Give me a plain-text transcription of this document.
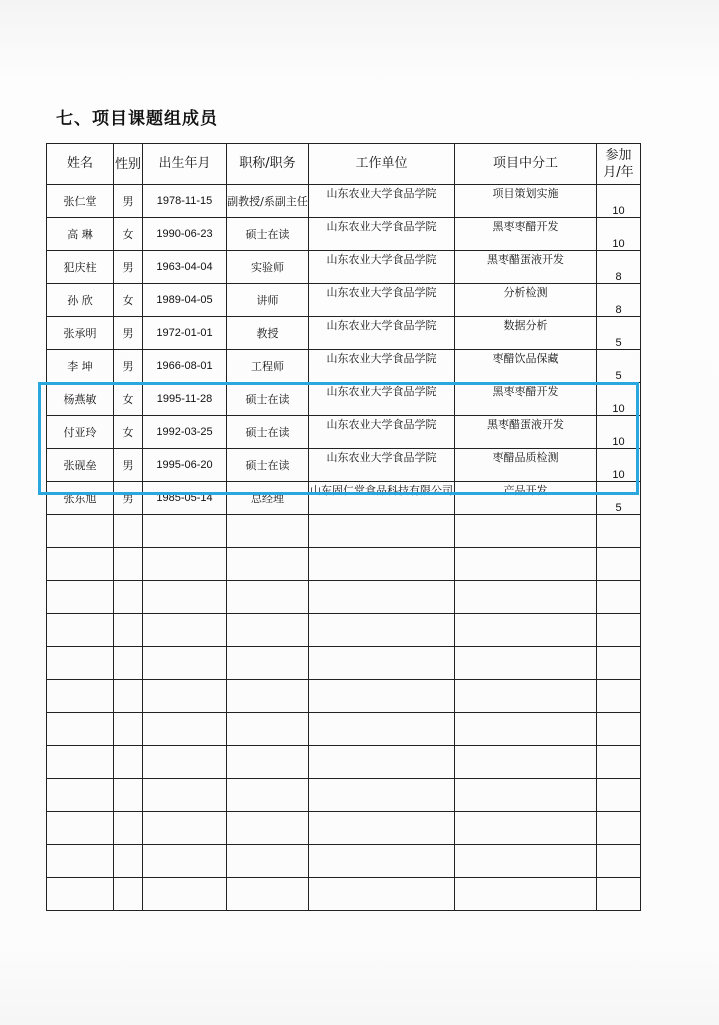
七、项目课题组成员
姓名	性别	出生年月	职称/职务	工作单位	项目中分工	参加月/年
张仁堂	男	1978-11-15	副教授/系副主任	山东农业大学食品学院	项目策划实施	10
高 琳	女	1990-06-23	硕士在读	山东农业大学食品学院	黑枣枣醋开发	10
犯庆柱	男	1963-04-04	实验师	山东农业大学食品学院	黑枣醋蛋液开发	8
孙 欣	女	1989-04-05	讲师	山东农业大学食品学院	分析检测	8
张承明	男	1972-01-01	教授	山东农业大学食品学院	数据分析	5
李 坤	男	1966-08-01	工程师	山东农业大学食品学院	枣醋饮品保藏	5
杨燕敏	女	1995-11-28	硕士在读	山东农业大学食品学院	黑枣枣醋开发	10
付亚玲	女	1992-03-25	硕士在读	山东农业大学食品学院	黑枣醋蛋液开发	10
张砚垒	男	1995-06-20	硕士在读	山东农业大学食品学院	枣醋品质检测	10
张东旭	男	1985-05-14	总经理	山东固仁堂食品科技有限公司	产品开发	5
